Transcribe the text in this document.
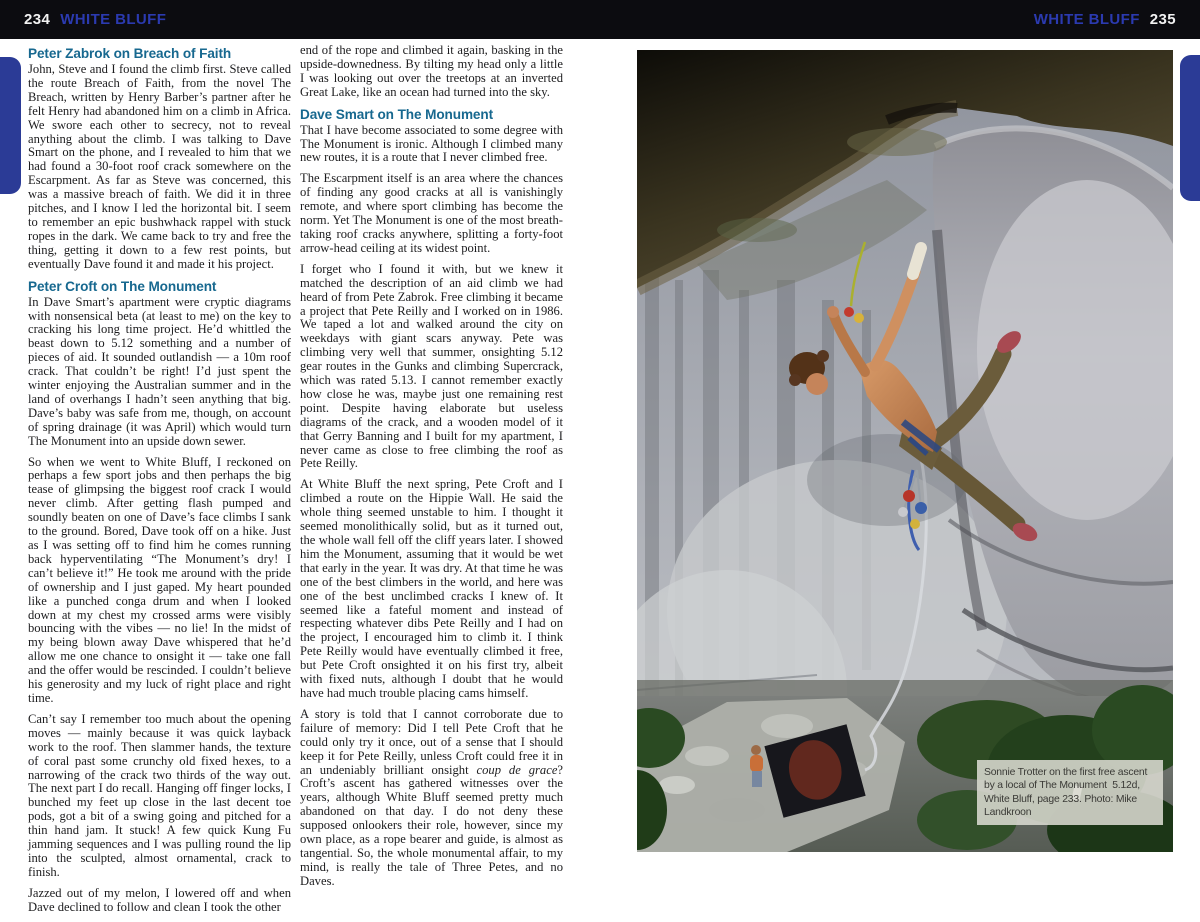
234 WHITE BLUFF	WHITE BLUFF 235
Peter Zabrok on Breach of Faith

John, Steve and I found the climb first. Steve called the route Breach of Faith, from the novel The Breach, written by Henry Barber’s partner after he felt Henry had abandoned him on a climb in Africa. We swore each other to secrecy, not to reveal anything about the climb. I was talking to Dave Smart on the phone, and I revealed to him that we had found a 30-foot roof crack somewhere on the Escarpment. As far as Steve was concerned, this was a massive breach of faith. We did it in three pitches, and I know I led the horizontal bit. I seem to remember an epic bushwhack rappel with stuck ropes in the dark. We came back to try and free the thing, getting it down to a few rest points, but eventually Dave found it and made it his project.

Peter Croft on The Monument

In Dave Smart’s apartment were cryptic diagrams with nonsensical beta (at least to me) on the key to cracking his long time project. He’d whittled the beast down to 5.12 something and a number of pieces of aid. It sounded outlandish — a 10m roof crack. That couldn’t be right! I’d just spent the winter enjoying the Australian summer and in the land of overhangs I hadn’t seen anything that big. Dave’s baby was safe from me, though, on account of spring drainage (it was April) which would turn The Monument into an upside down sewer.

So when we went to White Bluff, I reckoned on perhaps a few sport jobs and then perhaps the big tease of glimpsing the biggest roof crack I would never climb. After getting flash pumped and soundly beaten on one of Dave’s face climbs I sank to the ground. Bored, Dave took off on a hike. Just as I was setting off to find him he comes running back hyperventilating “The Monument’s dry! I can’t believe it!” He took me around with the pride of ownership and I just gaped. My heart pounded like a punched conga drum and when I looked down at my chest my crossed arms were visibly bouncing with the vibes — no lie! In the midst of my being blown away Dave whispered that he’d allow me one chance to onsight it — take one fall and the offer would be rescinded. I couldn’t believe his generosity and my luck of right place and right time.

Can’t say I remember too much about the opening moves — mainly because it was quick layback work to the roof. Then slammer hands, the texture of coral past some crunchy old fixed hexes, to a narrowing of the crack two thirds of the way out. The next part I do recall. Hanging off finger locks, I bunched my feet up close in the last decent toe pods, got a bit of a swing going and pitched for a thin hand jam. It stuck! A few quick Kung Fu jamming sequences and I was pulling round the lip into the sculpted, almost ornamental, crack to finish.

Jazzed out of my melon, I lowered off and when Dave declined to follow and clean I took the other

end of the rope and climbed it again, basking in the upside-downedness. By tilting my head only a little I was looking out over the treetops at an inverted Great Lake, like an ocean had turned into the sky.

Dave Smart on The Monument

That I have become associated to some degree with The Monument is ironic. Although I climbed many new routes, it is a route that I never climbed free.

The Escarpment itself is an area where the chances of finding any good cracks at all is vanishingly remote, and where sport climbing has become the norm. Yet The Monument is one of the most breath-taking roof cracks anywhere, splitting a forty-foot arrow-head ceiling at its widest point.

I forget who I found it with, but we knew it matched the description of an aid climb we had heard of from Pete Zabrok. Free climbing it became a project that Pete Reilly and I worked on in 1986. We taped a lot and walked around the city on weekdays with giant scars anyway. Pete was climbing very well that summer, onsighting 5.12 gear routes in the Gunks and climbing Supercrack, which was rated 5.13. I cannot remember exactly how close he was, maybe just one remaining rest point. Despite having elaborate but useless diagrams of the crack, and a wooden model of it that Gerry Banning and I built for my apartment, I never came as close to free climbing the roof as Pete Reilly.

At White Bluff the next spring, Pete Croft and I climbed a route on the Hippie Wall. He said the whole thing seemed unstable to him. I thought it seemed monolithically solid, but as it turned out, the whole wall fell off the cliff years later. I showed him the Monument, assuming that it would be wet that early in the year. It was dry. At that time he was one of the best climbers in the world, and here was one of the best unclimbed cracks I knew of. It seemed like a fateful moment and instead of respecting whatever dibs Pete Reilly and I had on the project, I encouraged him to climb it. I think Pete Reilly would have eventually climbed it free, but Pete Croft onsighted it on his first try, albeit with fixed nuts, although I doubt that he would have had much trouble placing cams himself.

A story is told that I cannot corroborate due to failure of memory: Did I tell Pete Croft that he could only try it once, out of a sense that I should keep it for Pete Reilly, unless Croft could free it in an undeniably brilliant onsight coup de grace? Croft’s ascent has gathered witnesses over the years, although White Bluff seemed pretty much abandoned on that day. I do not deny these supposed onlookers their role, however, since my own place, as a rope bearer and guide, is almost as tangential. So, the whole monumental affair, to my mind, is really the tale of Three Petes, and no Daves.

Sonnie Trotter on the first free ascent by a local of The Monument  5.12d, White Bluff, page 233. Photo: Mike Landkroon
